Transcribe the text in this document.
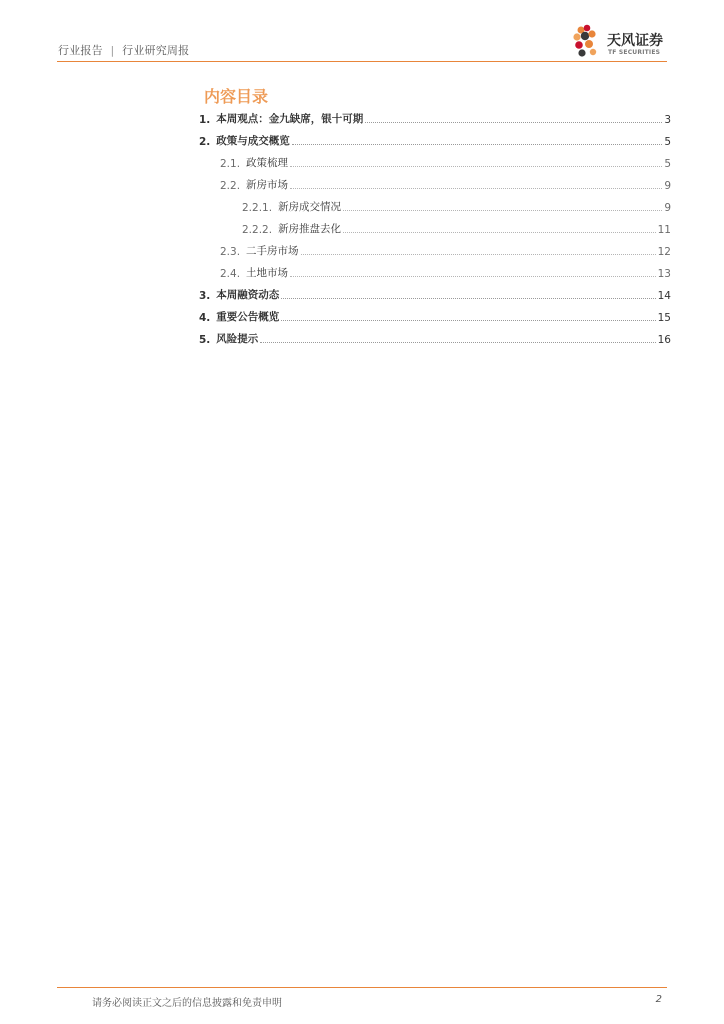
行业报告 | 行业研究周报
天风证券
TF SECURITIES
内容目录
1. 本周观点：金九缺席，银十可期	3
2. 政策与成交概览	5
2.1. 政策梳理	5
2.2. 新房市场	9
2.2.1. 新房成交情况	9
2.2.2. 新房推盘去化	11
2.3. 二手房市场	12
2.4. 土地市场	13
3. 本周融资动态	14
4. 重要公告概览	15
5. 风险提示	16
请务必阅读正文之后的信息披露和免责申明	2
